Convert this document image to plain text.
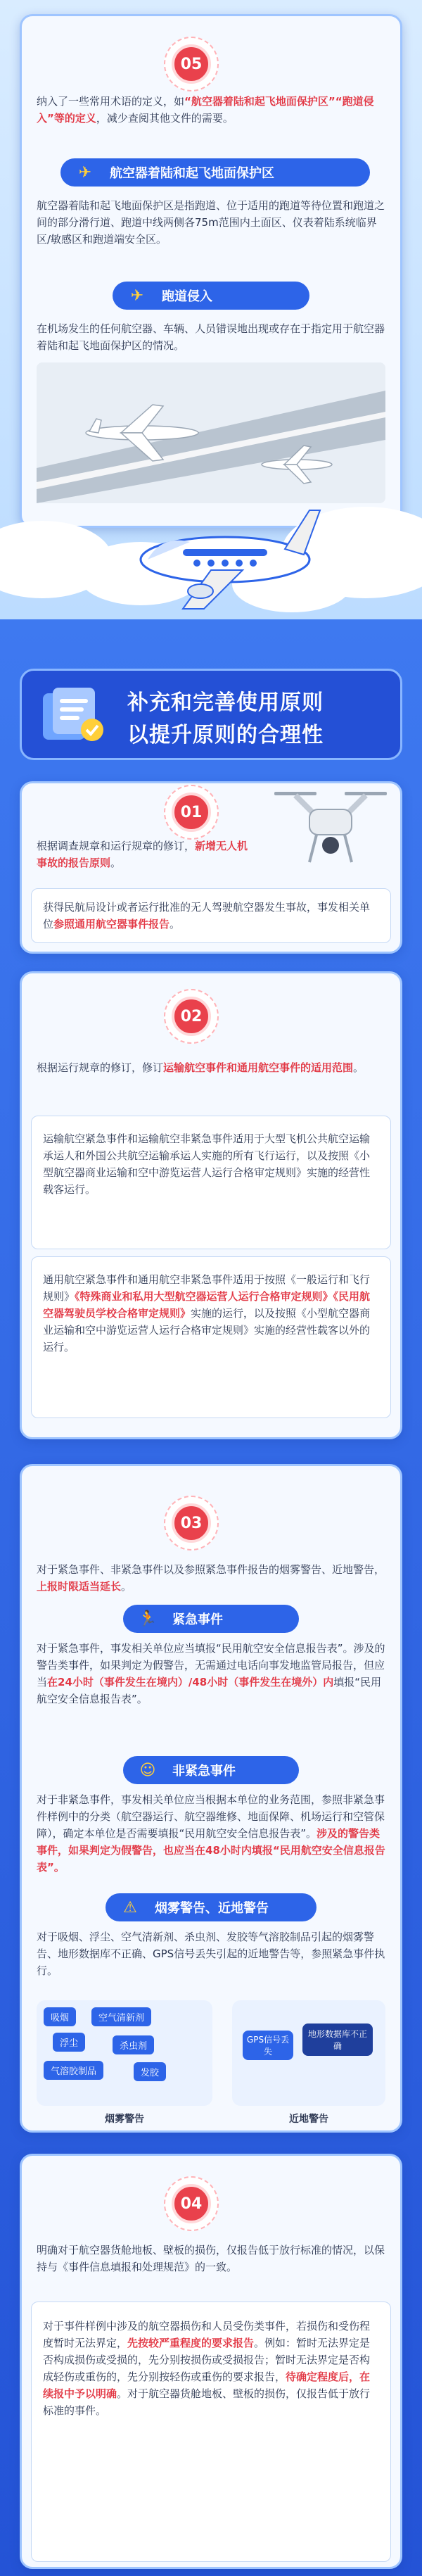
05
纳入了一些常用术语的定义，如“航空器着陆和起飞地面保护区”“跑道侵入”等的定义，减少查阅其他文件的需要。
✈	航空器着陆和起飞地面保护区
航空器着陆和起飞地面保护区是指跑道、位于适用的跑道等待位置和跑道之间的部分滑行道、跑道中线两侧各75m范围内土面区、仪表着陆系统临界区/敏感区和跑道端安全区。
✈	跑道侵入
在机场发生的任何航空器、车辆、人员错误地出现或存在于指定用于航空器着陆和起飞地面保护区的情况。
补充和完善使用原则
以提升原则的合理性
01
根据调查规章和运行规章的修订，新增无人机事故的报告原则。
获得民航局设计或者运行批准的无人驾驶航空器发生事故，事发相关单位参照通用航空器事件报告。
02
根据运行规章的修订，修订运输航空事件和通用航空事件的适用范围。
运输航空紧急事件和运输航空非紧急事件适用于大型飞机公共航空运输承运人和外国公共航空运输承运人实施的所有飞行运行，以及按照《小型航空器商业运输和空中游览运营人运行合格审定规则》实施的经营性载客运行。
通用航空紧急事件和通用航空非紧急事件适用于按照《一般运行和飞行规则》《特殊商业和私用大型航空器运营人运行合格审定规则》《民用航空器驾驶员学校合格审定规则》实施的运行，以及按照《小型航空器商业运输和空中游览运营人运行合格审定规则》实施的经营性载客以外的运行。
03
对于紧急事件、非紧急事件以及参照紧急事件报告的烟雾警告、近地警告，上报时限适当延长。
🏃 紧急事件
对于紧急事件，事发相关单位应当填报“民用航空安全信息报告表”。涉及的警告类事件，如果判定为假警告，无需通过电话向事发地监管局报告，但应当在24小时（事件发生在境内）/48小时（事件发生在境外）内填报“民用航空安全信息报告表”。
☺	非紧急事件
对于非紧急事件，事发相关单位应当根据本单位的业务范围，参照非紧急事件样例中的分类（航空器运行、航空器维修、地面保障、机场运行和空管保障），确定本单位是否需要填报“民用航空安全信息报告表”。涉及的警告类事件，如果判定为假警告，也应当在48小时内填报“民用航空安全信息报告表”。
⚠	烟雾警告、近地警告
对于吸烟、浮尘、空气清新剂、杀虫剂、发胶等气溶胶制品引起的烟雾警告、地形数据库不正确、GPS信号丢失引起的近地警告等，参照紧急事件执行。
吸烟	空气清新剂
浮尘	杀虫剂
气溶胶制品	发胶
烟雾警告
GPS信号丢失
地形数据库不正确
近地警告
04
明确对于航空器货舱地板、壁板的损伤，仅报告低于放行标准的情况，以保持与《事件信息填报和处理规范》的一致。
对于事件样例中涉及的航空器损伤和人员受伤类事件，若损伤和受伤程度暂时无法界定，先按较严重程度的要求报告。例如：暂时无法界定是否构成损伤或受损的，先分别按损伤或受损报告；暂时无法界定是否构成轻伤或重伤的，先分别按轻伤或重伤的要求报告，待确定程度后，在续报中予以明确。对于航空器货舱地板、壁板的损伤，仅报告低于放行标准的事件。
